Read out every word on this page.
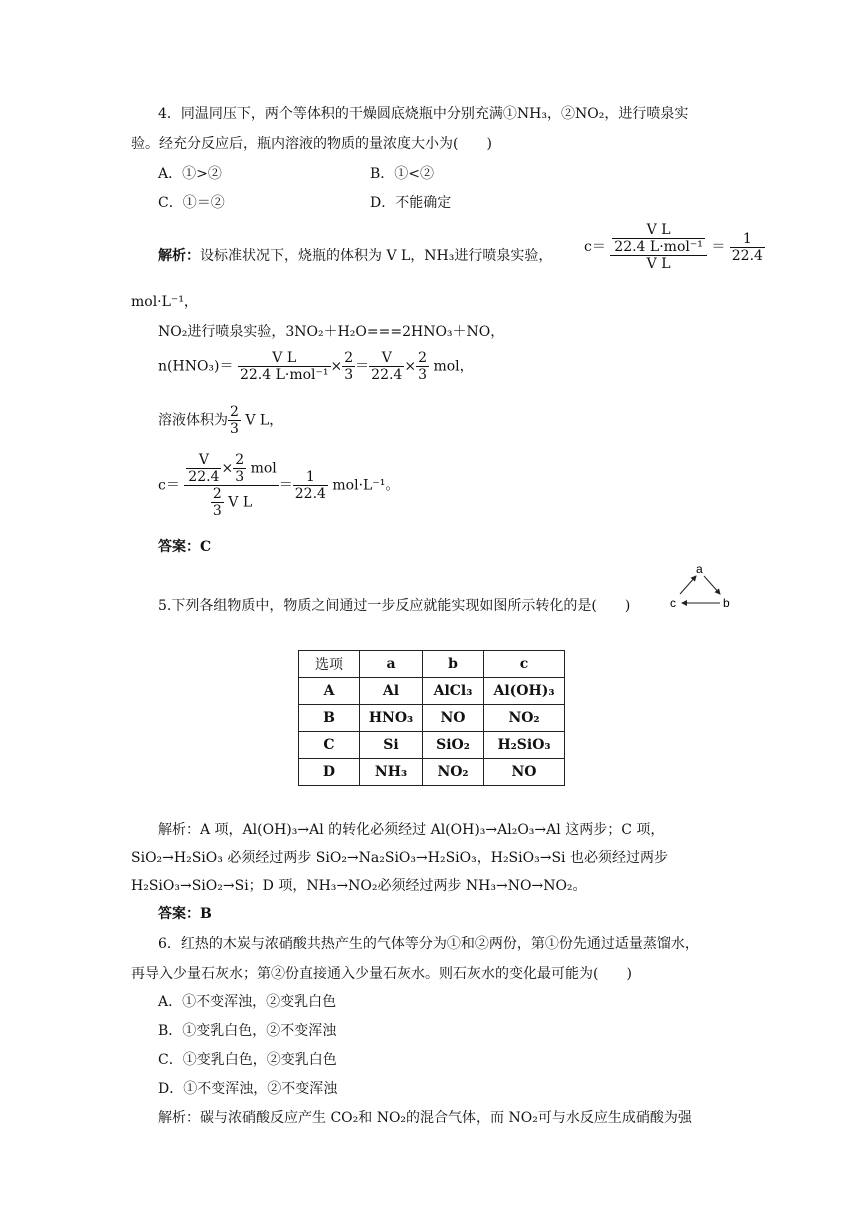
4．同温同压下，两个等体积的干燥圆底烧瓶中分别充满①NH₃，②NO₂，进行喷泉实
验。经充分反应后，瓶内溶液的物质的量浓度大小为(　　)
A．①>②	B．①<②
C．①＝②	D．不能确定
解析：设标准状况下，烧瓶的体积为 V L，NH₃进行喷泉实验，
$c= \frac{\frac{\text{V L}}{\text{22.4 L·mol⁻¹}}}{\text{V L}} = \frac{1}{22.4}$
mol·L⁻¹，
NO₂进行喷泉实验，3NO₂＋H₂O===2HNO₃＋NO，
$n(HNO_3)= \frac{\text{V L}}{\text{22.4 L·mol⁻¹}} \times \frac{2}{3} = \frac{V}{22.4} \times \frac{2}{3}$ mol，
溶液体积为 $\frac{2}{3}$ V L，
$c= \frac{\frac{V}{22.4} \times \frac{2}{3} mol}{\frac{2}{3} V L} = \frac{1}{22.4} mol\cdot L^{-1}$。
答案：C
5.下列各组物质中，物质之间通过一步反应就能实现如图所示转化的是(　　)
a
b
c
选项	a	b	c
A	Al	AlCl₃	Al(OH)₃
B	HNO₃	NO	NO₂
C	Si	SiO₂	H₂SiO₃
D	NH₃	NO₂	NO
解析：A 项，Al(OH)₃→Al 的转化必须经过 Al(OH)₃→Al₂O₃→Al 这两步；C 项，
SiO₂→H₂SiO₃ 必须经过两步 SiO₂→Na₂SiO₃→H₂SiO₃，H₂SiO₃→Si 也必须经过两步
H₂SiO₃→SiO₂→Si；D 项，NH₃→NO₂必须经过两步 NH₃→NO→NO₂。
答案：B
6．红热的木炭与浓硝酸共热产生的气体等分为①和②两份，第①份先通过适量蒸馏水，
再导入少量石灰水；第②份直接通入少量石灰水。则石灰水的变化最可能为(　　)
A．①不变浑浊，②变乳白色
B．①变乳白色，②不变浑浊
C．①变乳白色，②变乳白色
D．①不变浑浊，②不变浑浊
解析：碳与浓硝酸反应产生 CO₂和 NO₂的混合气体，而 NO₂可与水反应生成硝酸为强
